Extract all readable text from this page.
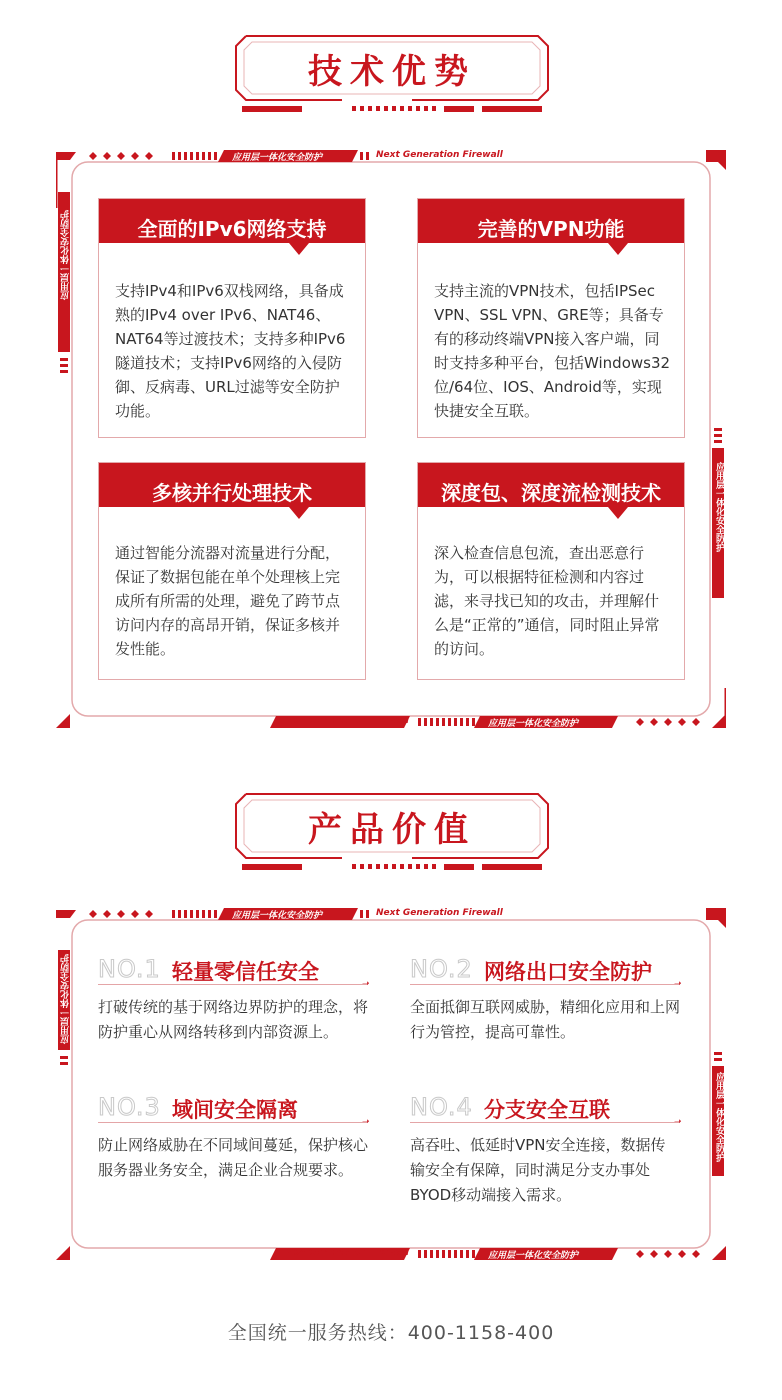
技术优势
应用层一体化安全防护	Next Generation Firewall
应用层一体化安全防护
应用层一体化安全防护
Next Generation Firewall	应用层一体化安全防护
全面的IPv6网络支持
支持IPv4和IPv6双栈网络，具备成熟的IPv4 over IPv6、NAT46、NAT64等过渡技术；支持多种IPv6隧道技术；支持IPv6网络的入侵防御、反病毒、URL过滤等安全防护功能。
完善的VPN功能
支持主流的VPN技术，包括IPSec VPN、SSL VPN、GRE等；具备专有的移动终端VPN接入客户端，同时支持多种平台，包括Windows32位/64位、IOS、Android等，实现快捷安全互联。
多核并行处理技术
通过智能分流器对流量进行分配，保证了数据包能在单个处理核上完成所有所需的处理，避免了跨节点访问内存的高昂开销，保证多核并发性能。
深度包、深度流检测技术
深入检查信息包流，查出恶意行为，可以根据特征检测和内容过滤，来寻找已知的攻击，并理解什么是“正常的”通信，同时阻止异常的访问。
产品价值
应用层一体化安全防护	Next Generation Firewall
应用层一体化安全防护
应用层一体化安全防护
Next Generation Firewall	应用层一体化安全防护
NO.1 轻量零信任安全	➝
打破传统的基于网络边界防护的理念，将防护重心从网络转移到内部资源上。
NO.2 网络出口安全防护 ➝
全面抵御互联网威胁，精细化应用和上网行为管控，提高可靠性。
NO.3 域间安全隔离	➝
防止网络威胁在不同域间蔓延，保护核心服务器业务安全，满足企业合规要求。
NO.4 分支安全互联	➝
高吞吐、低延时VPN安全连接，数据传输安全有保障，同时满足分支办事处BYOD移动端接入需求。
全国统一服务热线：400-1158-400
